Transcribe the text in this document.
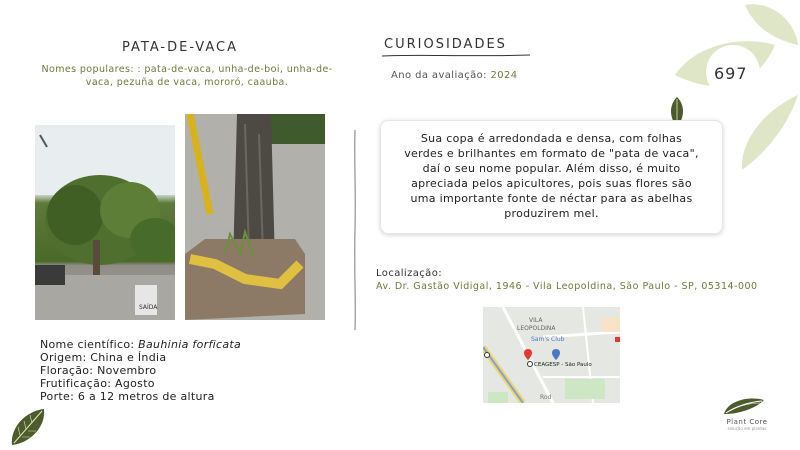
PATA-DE-VACA
Nomes populares: : pata-de-vaca, unha-de-boi, unha-de-vaca, pezuña de vaca, mororó, caauba.
SAÍDA
Nome científico: Bauhinia forficata
Origem: China e Índia
Floração: Novembro
Frutificação: Agosto
Porte: 6 a 12 metros de altura
CURIOSIDADES
Ano da avaliação: 2024	697
Sua copa é arredondada e densa, com folhas verdes e brilhantes em formato de "pata de vaca", daí o seu nome popular. Além disso, é muito apreciada pelos apicultores, pois suas flores são uma importante fonte de néctar para as abelhas produzirem mel.
Localização:
Av. Dr. Gastão Vidigal, 1946 - Vila Leopoldina, São Paulo - SP, 05314-000
VILA
LEOPOLDINA
Sam's Club
CEAGESP - São Paulo
Rod
Plant Core
solução em plantas
